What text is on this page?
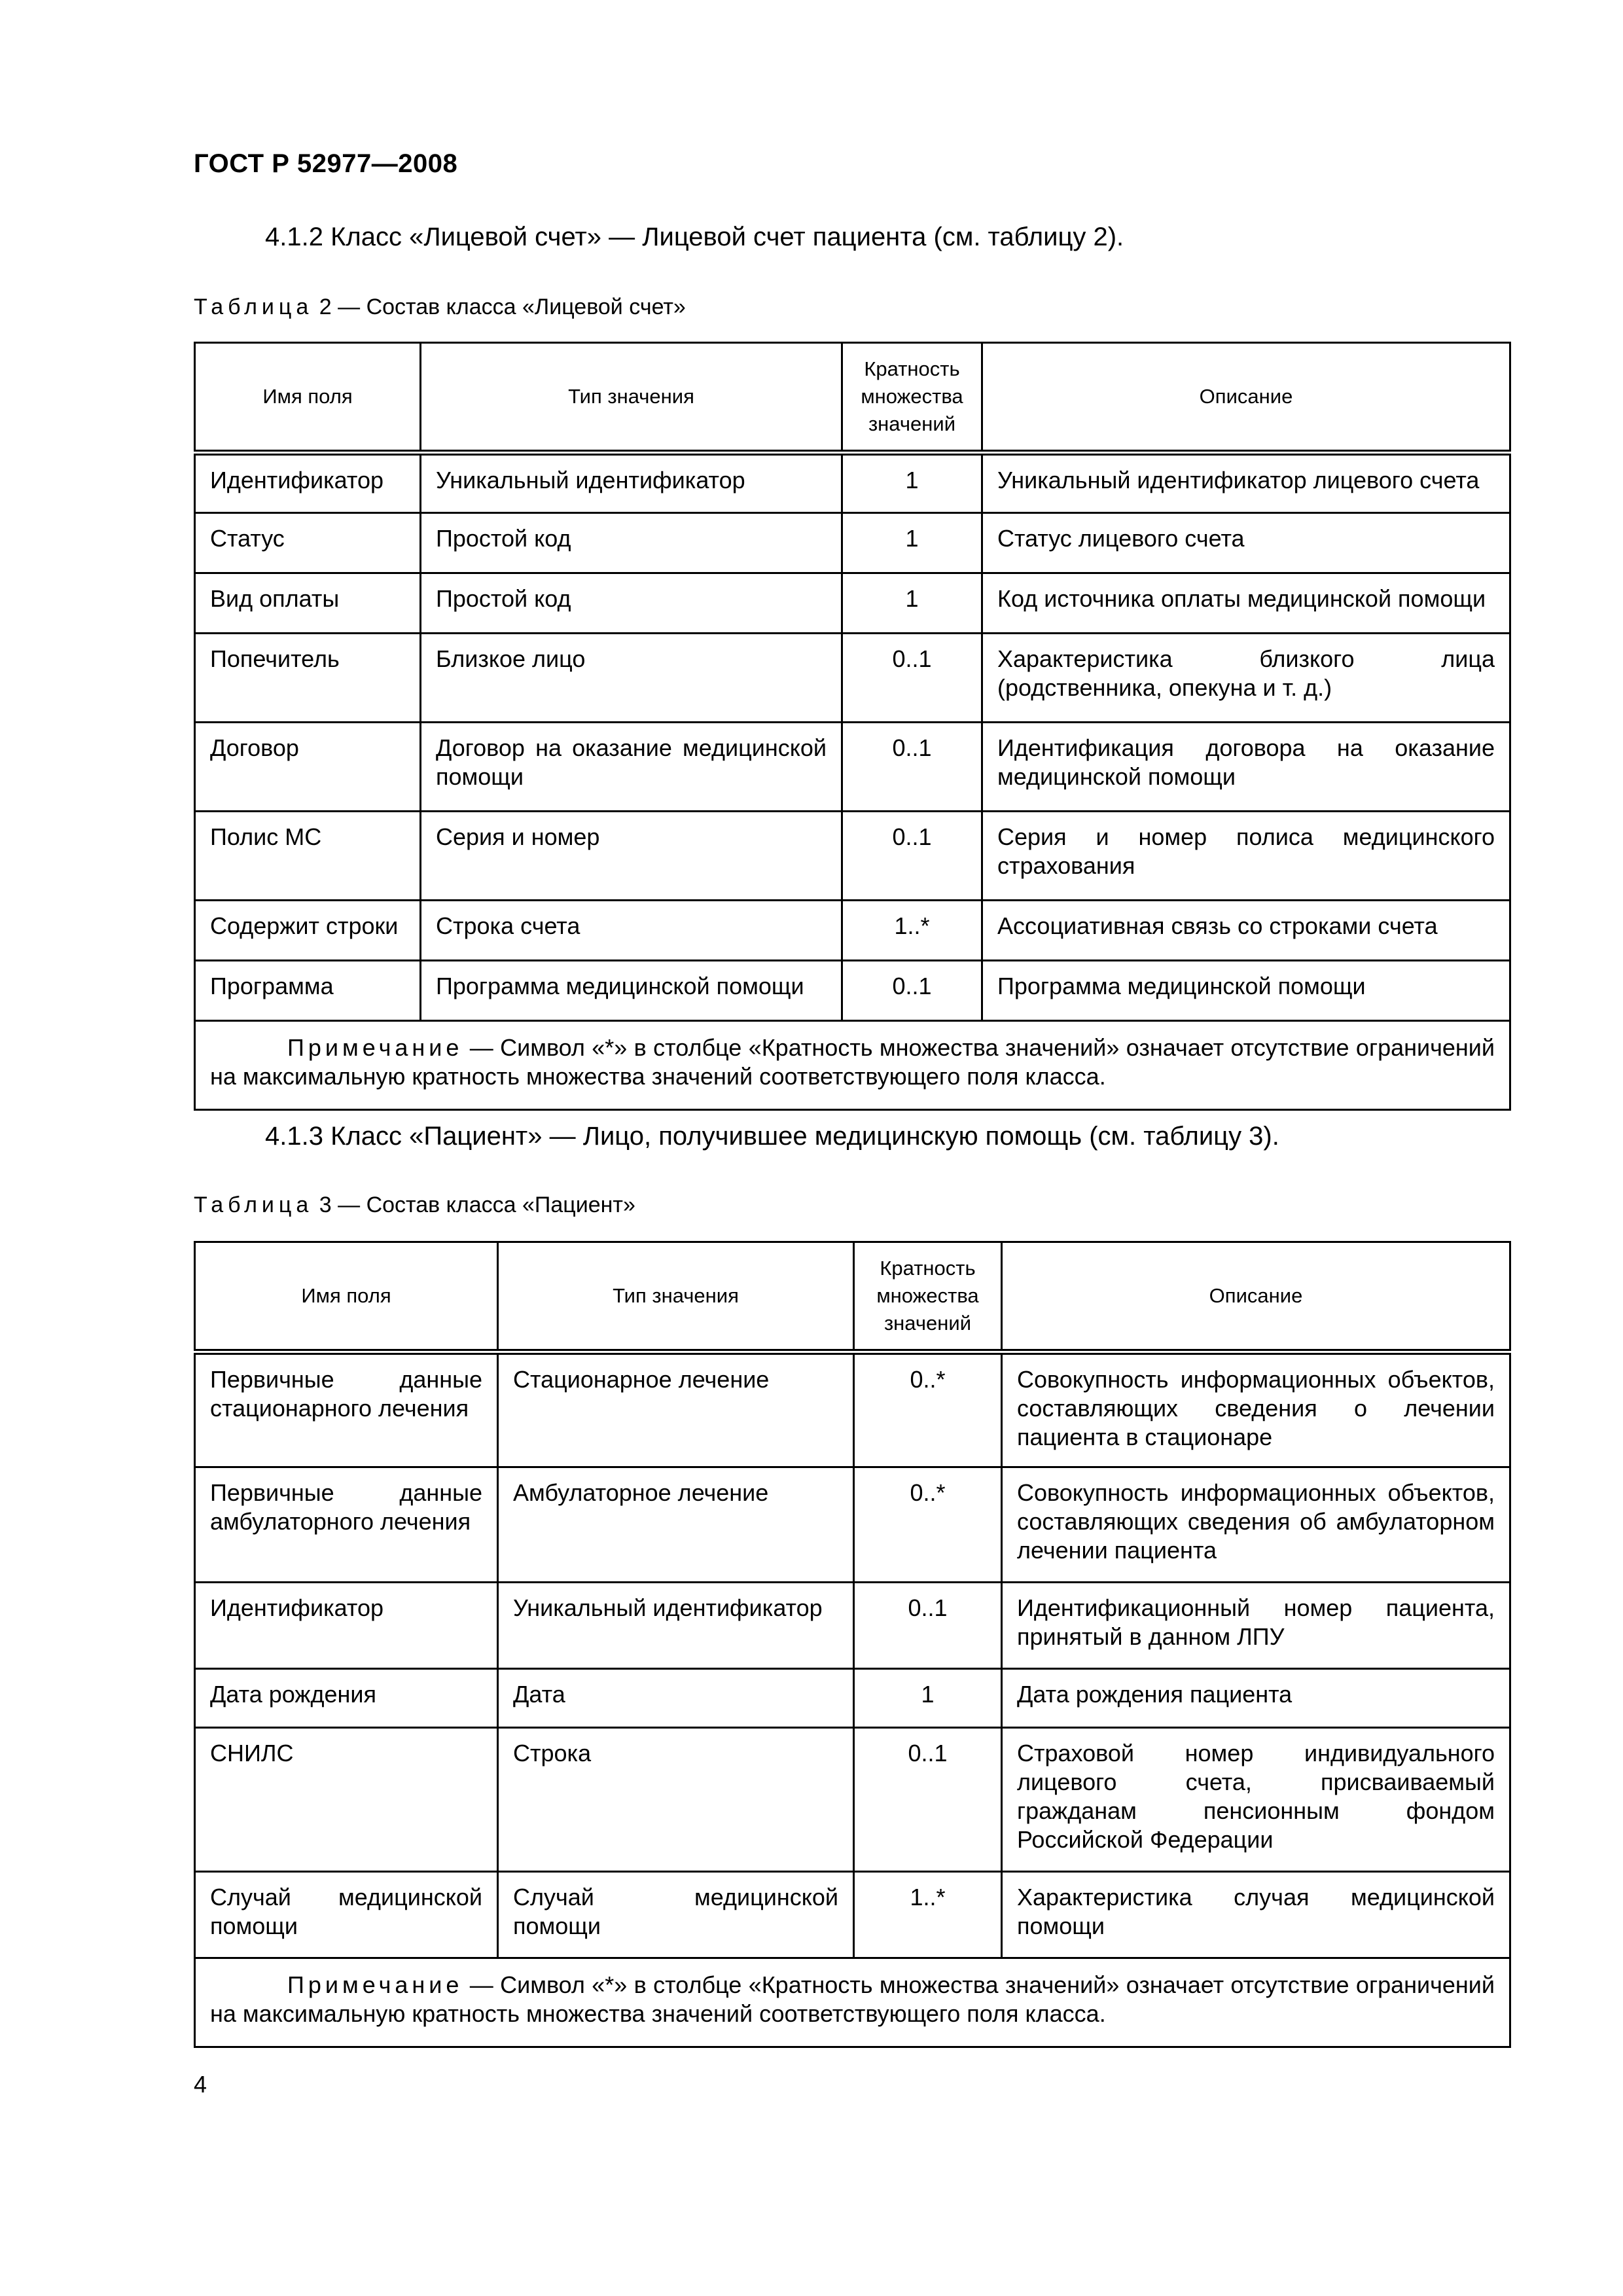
ГОСТ Р 52977—2008
4.1.2 Класс «Лицевой счет» — Лицевой счет пациента (см. таблицу 2).
Таблица 2 — Состав класса «Лицевой счет»
Имя поля	Тип значения	Кратность множества значений	Описание
Идентификатор	Уникальный идентификатор	1	Уникальный идентификатор лицевого счета
Статус	Простой код	1	Статус лицевого счета
Вид оплаты	Простой код	1	Код источника оплаты медицинской помощи
Попечитель	Близкое лицо	0..1	Характеристика близкого лица (родственника, опекуна и т. д.)
Договор	Договор на оказание медицинской помощи	0..1	Идентификация договора на оказание медицинской помощи
Полис МС	Серия и номер	0..1	Серия и номер полиса медицинского страхования
Содержит строки	Строка счета	1..*	Ассоциативная связь со строками счета
Программа	Программа медицинской помощи	0..1	Программа медицинской помощи
Примечание — Символ «*» в столбце «Кратность множества значений» означает отсутствие ограничений на максимальную кратность множества значений соответствующего поля класса.			
4.1.3 Класс «Пациент» — Лицо, получившее медицинскую помощь (см. таблицу 3).
Таблица 3 — Состав класса «Пациент»
Имя поля	Тип значения	Кратность множества значений	Описание
Первичные данные стационарного лечения	Стационарное лечение	0..*	Совокупность информационных объектов, составляющих сведения о лечении пациента в стационаре
Первичные данные амбулаторного лечения	Амбулаторное лечение	0..*	Совокупность информационных объектов, составляющих сведения об амбулаторном лечении пациента
Идентификатор	Уникальный идентификатор	0..1	Идентификационный номер пациента, принятый в данном ЛПУ
Дата рождения	Дата	1	Дата рождения пациента
СНИЛС	Строка	0..1	Страховой номер индивидуального лицевого счета, присваиваемый гражданам пенсионным фондом Российской Федерации
Случай медицинской помощи	Случай медицинской помощи	1..*	Характеристика случая медицинской помощи
Примечание — Символ «*» в столбце «Кратность множества значений» означает отсутствие ограничений на максимальную кратность множества значений соответствующего поля класса.			
4
